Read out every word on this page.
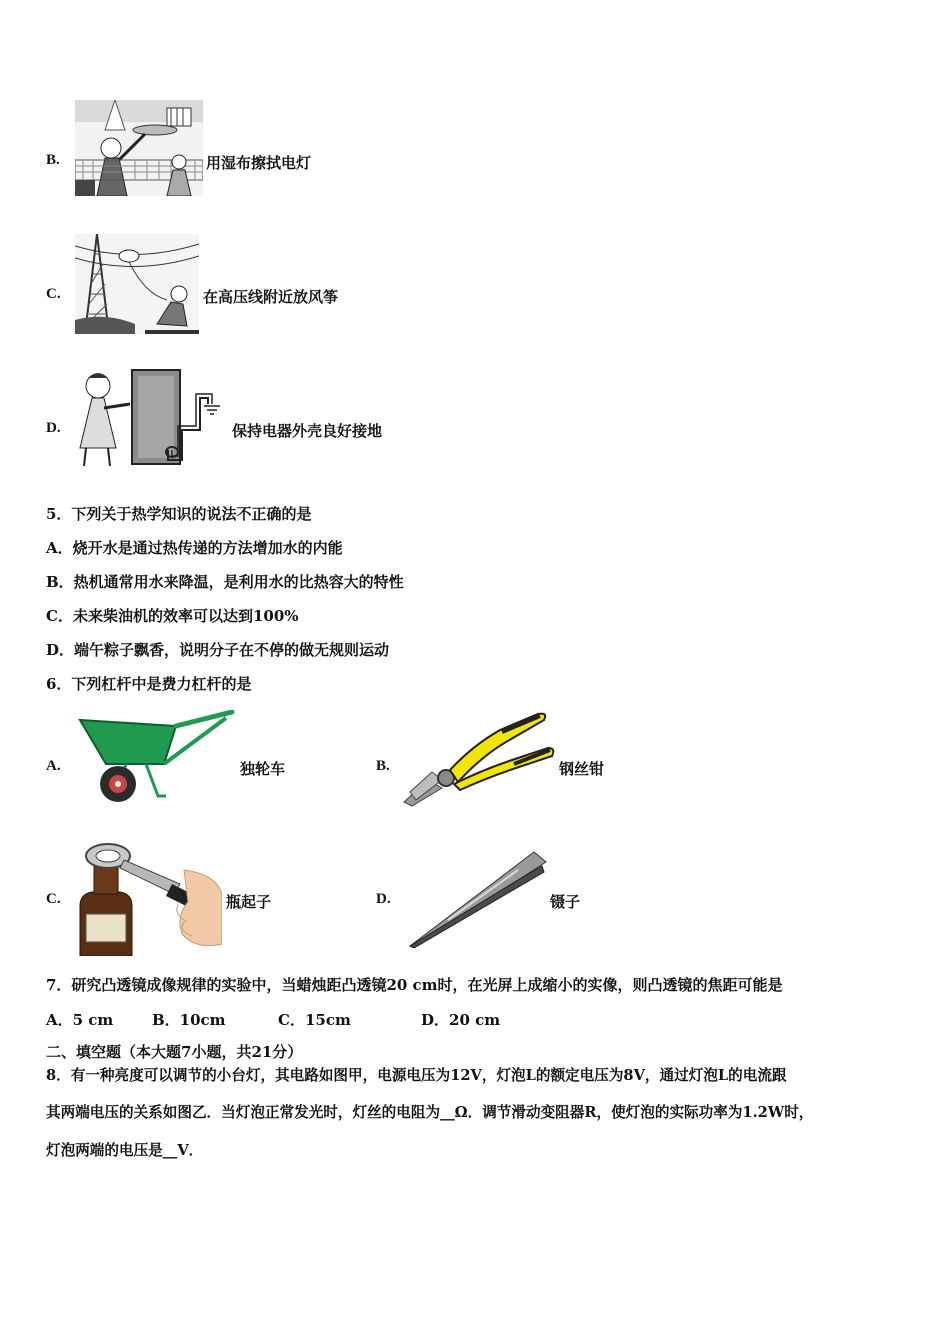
B.	用湿布擦拭电灯
C.	在高压线附近放风筝
D.	保持电器外壳良好接地
5．下列关于热学知识的说法不正确的是
A．烧开水是通过热传递的方法增加水的内能
B．热机通常用水来降温，是利用水的比热容大的特性
C．未来柴油机的效率可以达到100%
D．端午粽子飘香，说明分子在不停的做无规则运动
6．下列杠杆中是费力杠杆的是
A.	独轮车	B.	钢丝钳
C.	瓶起子	D.	镊子
7．研究凸透镜成像规律的实验中，当蜡烛距凸透镜20 cm时，在光屏上成缩小的实像，则凸透镜的焦距可能是
A．5 cm	B．10cm	C．15cm	D．20 cm
二、填空题（本大题7小题，共21分）
8．有一种亮度可以调节的小台灯，其电路如图甲，电源电压为12V，灯泡L的额定电压为8V，通过灯泡L的电流跟
其两端电压的关系如图乙．当灯泡正常发光时，灯丝的电阻为__Ω．调节滑动变阻器R，使灯泡的实际功率为1.2W时，
灯泡两端的电压是__V．
